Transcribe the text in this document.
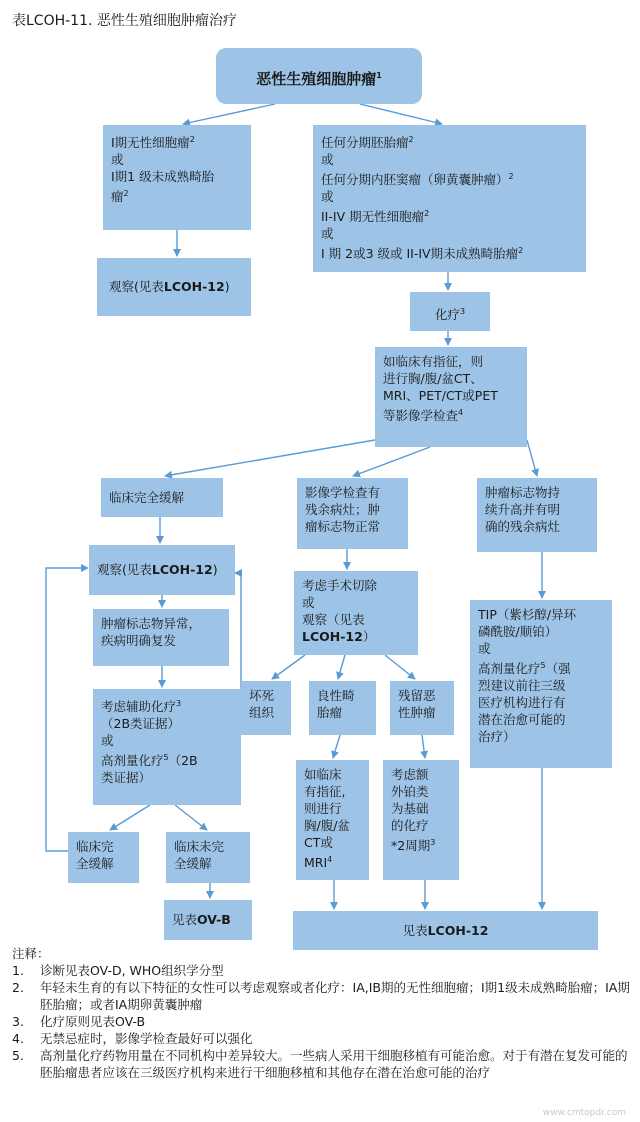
表LCOH-11. 恶性生殖细胞肿瘤治疗
恶性生殖细胞肿瘤$^1$
I期无性细胞瘤$^2$
或
I期1 级未成熟畸胎
瘤$^2$
观察(见表LCOH-12)
任何分期胚胎瘤$^2$
或
任何分期内胚窦瘤（卵黄囊肿瘤）$^2$
或
II-IV 期无性细胞瘤$^2$
或
I 期 2或3 级或 II-IV期未成熟畸胎瘤$^2$
化疗$^3$
如临床有指征，则
进行胸/腹/盆CT、
MRI、PET/CT或PET
等影像学检查$^4$
临床完全缓解	影像学检查有
残余病灶；肿
瘤标志物正常
肿瘤标志物持
续升高并有明
确的残余病灶
观察(见表LCOH-12)
考虑手术切除
或
观察（见表
LCOH-12）
肿瘤标志物异常，
疾病明确复发
TIP（紫杉醇/异环
磷酰胺/顺铂）
或
高剂量化疗$^5$（强
烈建议前往三级
医疗机构进行有
潜在治愈可能的
治疗）
坏死
组织
良性畸
胎瘤
残留恶
性肿瘤
考虑辅助化疗$^3$
（2B类证据）
或
高剂量化疗$^5$（2B
类证据）	如临床
有指征,
则进行
胸/腹/盆
CT或
MRI$^4$
考虑额
外铂类
为基础
的化疗
*2周期$^3$
临床完
全缓解
临床未完
全缓解
见表OV-B
见表LCOH-12
注释：
1.	诊断见表OV-D, WHO组织学分型
2.	年轻未生育的有以下特征的女性可以考虑观察或者化疗：IA,IB期的无性细胞瘤；I期1级未成熟畸胎瘤；IA期胚胎瘤；或者IA期卵黄囊肿瘤
3.	化疗原则见表OV-B
4.	无禁忌症时，影像学检查最好可以强化
5.	高剂量化疗药物用量在不同机构中差异较大。一些病人采用干细胞移植有可能治愈。对于有潜在复发可能的胚胎瘤患者应该在三级医疗机构来进行干细胞移植和其他存在潜在治愈可能的治疗
www.cmtopdr.com
